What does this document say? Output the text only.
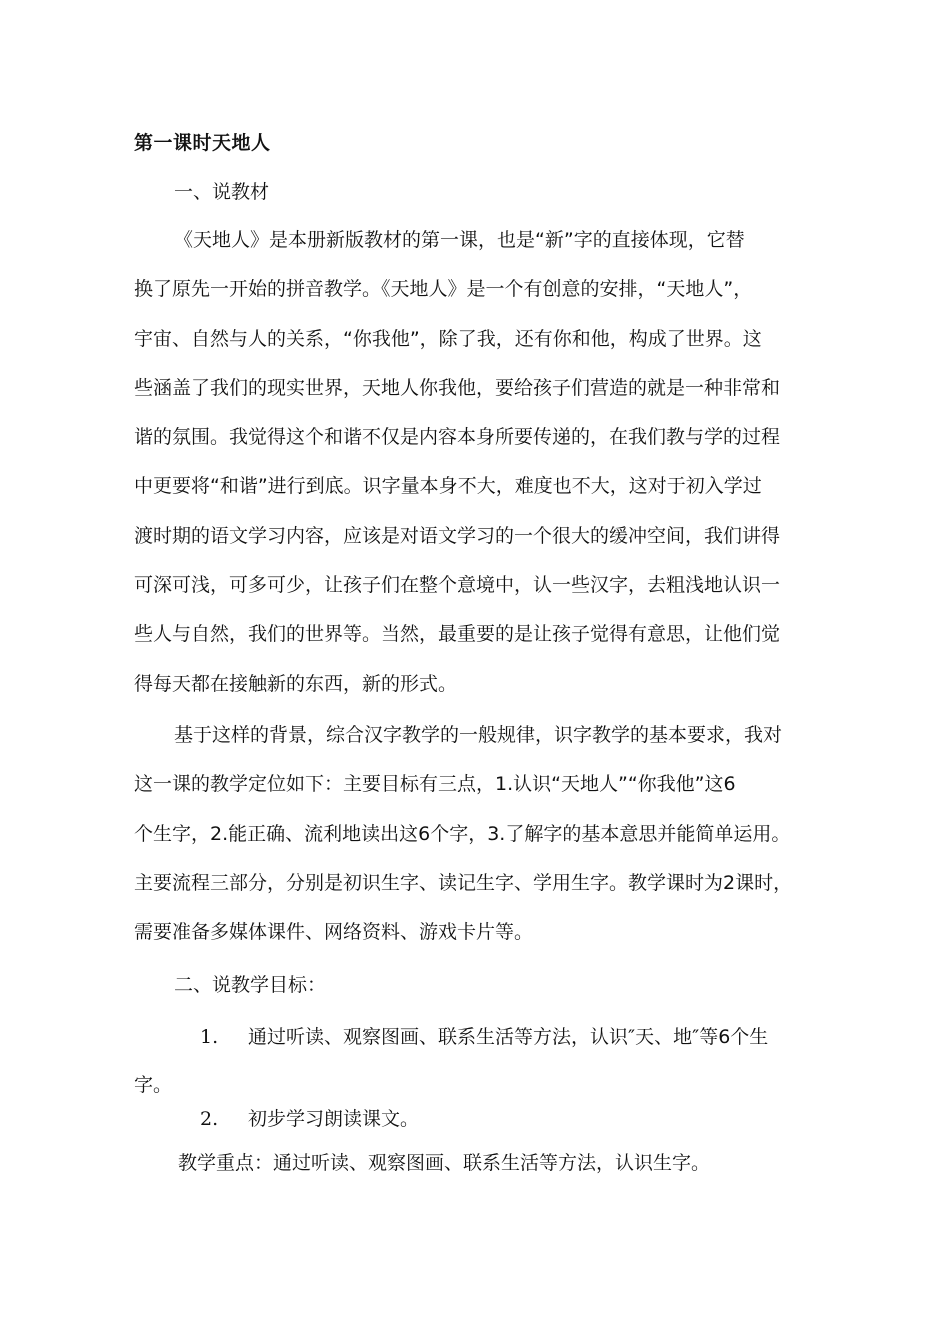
第一课时天地人
一、说教材
《天地人》是本册新版教材的第一课，也是“新”字的直接体现，它替
换了原先一开始的拼音教学。《天地人》是一个有创意的安排，“天地人”，
宇宙、自然与人的关系，“你我他”，除了我，还有你和他，构成了世界。这
些涵盖了我们的现实世界，天地人你我他，要给孩子们营造的就是一种非常和
谐的氛围。我觉得这个和谐不仅是内容本身所要传递的，在我们教与学的过程
中更要将“和谐”进行到底。识字量本身不大，难度也不大，这对于初入学过
渡时期的语文学习内容，应该是对语文学习的一个很大的缓冲空间，我们讲得
可深可浅，可多可少，让孩子们在整个意境中，认一些汉字，去粗浅地认识一
些人与自然，我们的世界等。当然，最重要的是让孩子觉得有意思，让他们觉
得每天都在接触新的东西，新的形式。
基于这样的背景，综合汉字教学的一般规律，识字教学的基本要求，我对
这一课的教学定位如下：主要目标有三点，1.认识“天地人”“你我他”这6
个生字，2.能正确、流利地读出这6个字，3.了解字的基本意思并能简单运用。
主要流程三部分，分别是初识生字、读记生字、学用生字。教学课时为2课时，
需要准备多媒体课件、网络资料、游戏卡片等。
二、说教学目标：
1. 通过听读、观察图画、联系生活等方法，认识″天、地″等6个生
字。
2. 初步学习朗读课文。
教学重点：通过听读、观察图画、联系生活等方法，认识生字。
